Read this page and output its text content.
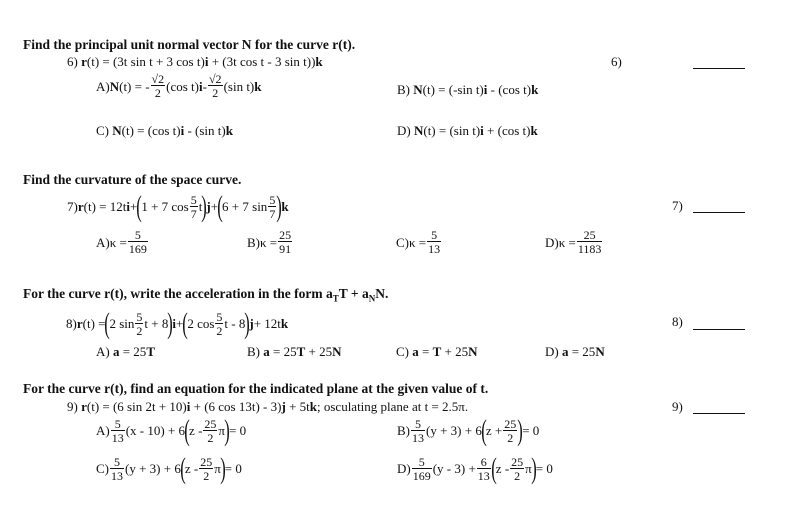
Find the principal unit normal vector N for the curve r(t).
6) r(t) = (3t sin t + 3 cos t)i + (3t cos t - 3 sin t))k	6)
A)N(t) = - $\frac{√2}{2} (\cos$ $t)i- \frac{√2}{2} (\sin$ t)k	B) N(t) = (-sin t)i - (cos t)k
C) N(t) = (cos t)i - (sin t)k	D) N(t) = (sin t)i + (cos t)k
Find the curvature of the space curve.
7)r(t) = 12ti+(1 + 7 $\cos \frac{5}{7} t)j+(6 + 7$ $\sin \frac{5}{7} )k$	7)
$A)\kappa = \frac{5}{169}$	$B)\kappa = \frac{25}{91}$	$C)\kappa = \frac{5}{13}$	$D)\kappa = \frac{25}{1183}$
For the curve r(t), write the acceleration in the form $a_TT + a_NN$.
8)r(t) =(2 $\sin \frac{5}{2}$ t + 8)i+(2 $\cos \frac{5}{2}$ t - 8)j+ 12tk	8)
A) a = 25T	B) a = 25T + 25N	C) a = T + 25N	D) a = 25N
For the curve r(t), find an equation for the indicated plane at the given value of t.
9) r(t) = (6 sin 2t + 10)i + (6 cos 13t) - 3)j + 5tk; osculating plane at t = 2.5π.	9)
$A) \frac{5}{13} (x - 10) + 6(z - \frac{25}{2} \pi)= 0$	$B) \frac{5}{13} (y + 3) + 6(z + \frac{25}{2}$ )= 0
$C) \frac{5}{13} (y + 3) + 6(z - \frac{25}{2} \pi)= 0$	$D) \frac{5}{169} (y - 3) + \frac{6}{13} (z - \frac{25}{2} \pi)= 0$
